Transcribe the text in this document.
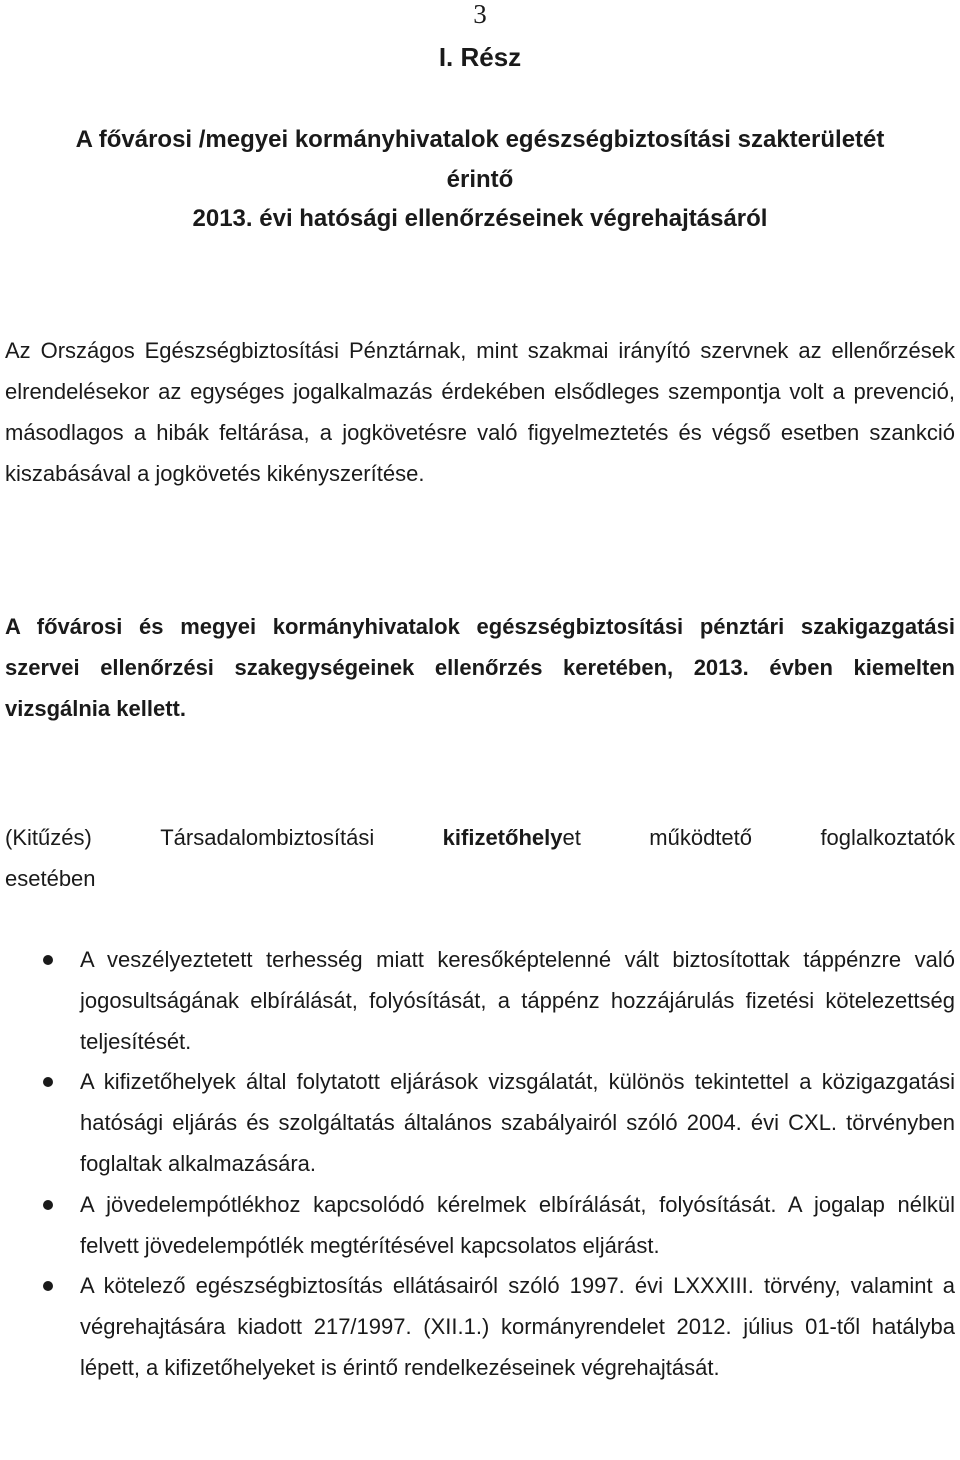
3
I. Rész
A fővárosi /megyei kormányhivatalok egészségbiztosítási szakterületét
érintő
2013. évi hatósági ellenőrzéseinek végrehajtásáról
Az Országos Egészségbiztosítási Pénztárnak, mint szakmai irányító szervnek az ellenőrzések elrendelésekor az egységes jogalkalmazás érdekében elsődleges szempontja volt a prevenció, másodlagos a hibák feltárása, a jogkövetésre való figyelmeztetés és végső esetben szankció kiszabásával a jogkövetés kikényszerítése.
A fővárosi és megyei kormányhivatalok egészségbiztosítási pénztári szakigazgatási szervei ellenőrzési szakegységeinek ellenőrzés keretében, 2013. évben kiemelten vizsgálnia kellett.
(Kitűzés)	Társadalombiztosítási	kifizetőhelyet	működtető	foglalkoztatók
esetében
A veszélyeztetett terhesség miatt keresőképtelenné vált biztosítottak táppénzre való jogosultságának elbírálását, folyósítását, a táppénz hozzájárulás fizetési kötelezettség teljesítését.
A kifizetőhelyek által folytatott eljárások vizsgálatát, különös tekintettel a közigazgatási hatósági eljárás és szolgáltatás általános szabályairól szóló 2004. évi CXL. törvényben foglaltak alkalmazására.
A jövedelempótlékhoz kapcsolódó kérelmek elbírálását, folyósítását. A jogalap nélkül felvett jövedelempótlék megtérítésével kapcsolatos eljárást.
A kötelező egészségbiztosítás ellátásairól szóló 1997. évi LXXXIII. törvény, valamint a végrehajtására kiadott 217/1997. (XII.1.) kormányrendelet 2012. július 01-től hatályba lépett, a kifizetőhelyeket is érintő rendelkezéseinek végrehajtását.
